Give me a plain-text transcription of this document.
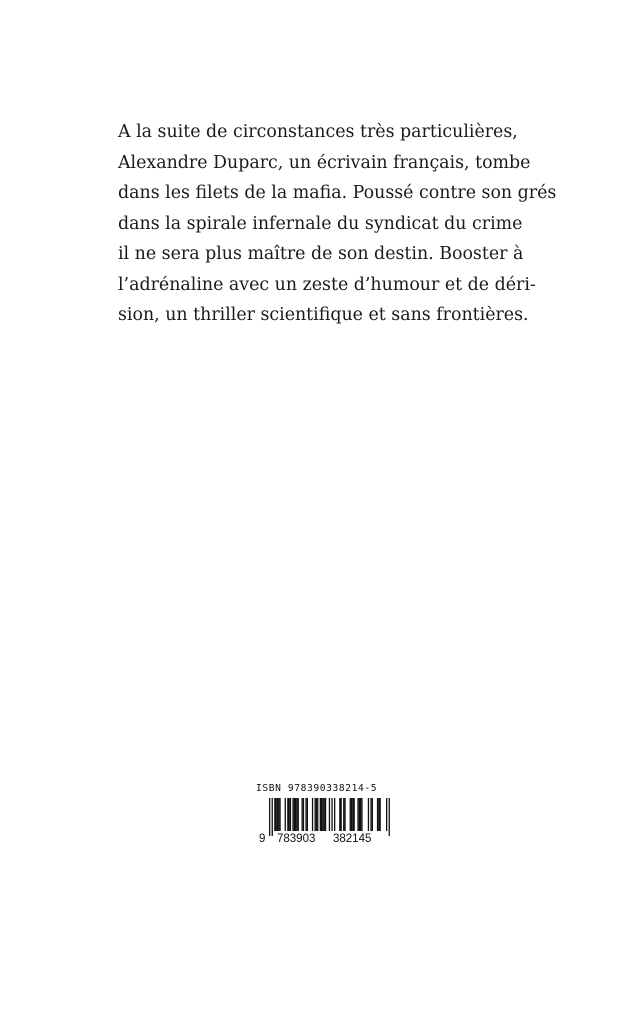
A la suite de circonstances très particulières,
Alexandre Duparc, un écrivain français, tombe
dans les filets de la mafia. Poussé contre son grés
dans la spirale infernale du syndicat du crime
il ne sera plus maître de son destin. Booster à
l’adrénaline avec un zeste d’humour et de déri-
sion, un thriller scientifique et sans frontières.
ISBN 978390338214-5
9 783903 382145
